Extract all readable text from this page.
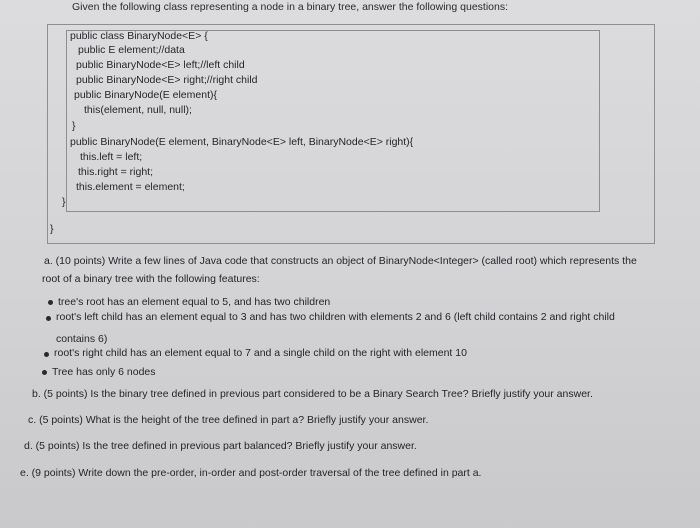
Given the following class representing a node in a binary tree, answer the following questions:
public class BinaryNode<E> {
public E element;//data
public BinaryNode<E> left;//left child
public BinaryNode<E> right;//right child
public BinaryNode(E element){
this(element, null, null);
}
public BinaryNode(E element, BinaryNode<E> left, BinaryNode<E> right){
this.left = left;
this.right = right;
this.element = element;
}
}
a. (10 points) Write a few lines of Java code that constructs an object of BinaryNode<Integer> (called root) which represents the
root of a binary tree with the following features:
tree's root has an element equal to 5, and has two children
root's left child has an element equal to 3 and has two children with elements 2 and 6 (left child contains 2 and right child
contains 6)
root's right child has an element equal to 7 and a single child on the right with element 10
Tree has only 6 nodes
b. (5 points) Is the binary tree defined in previous part considered to be a Binary Search Tree? Briefly justify your answer.
c. (5 points) What is the height of the tree defined in part a? Briefly justify your answer.
d. (5 points) Is the tree defined in previous part balanced? Briefly justify your answer.
e. (9 points) Write down the pre-order, in-order and post-order traversal of the tree defined in part a.
